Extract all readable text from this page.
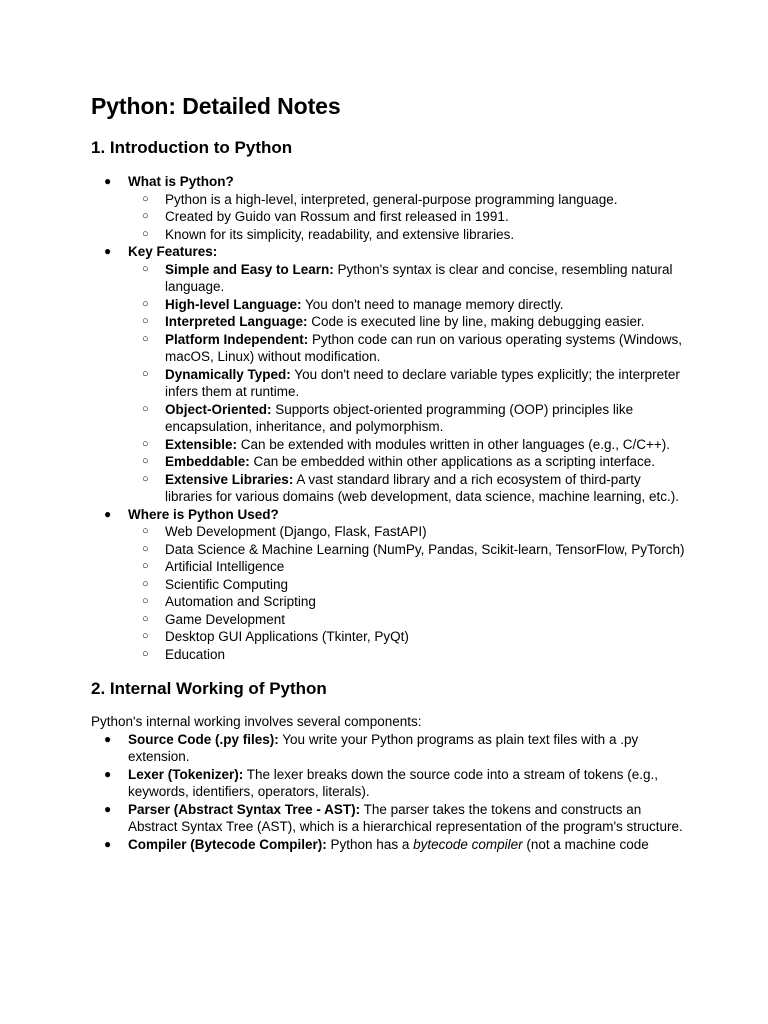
Python: Detailed Notes
1. Introduction to Python
●	What is Python?
○	Python is a high-level, interpreted, general-purpose programming language.
○	Created by Guido van Rossum and first released in 1991.
○	Known for its simplicity, readability, and extensive libraries.
●	Key Features:
○	Simple and Easy to Learn: Python's syntax is clear and concise, resembling natural language.
○	High-level Language: You don't need to manage memory directly.
○	Interpreted Language: Code is executed line by line, making debugging easier.
○	Platform Independent: Python code can run on various operating systems (Windows, macOS, Linux) without modification.
○	Dynamically Typed: You don't need to declare variable types explicitly; the interpreter infers them at runtime.
○	Object-Oriented: Supports object-oriented programming (OOP) principles like encapsulation, inheritance, and polymorphism.
○	Extensible: Can be extended with modules written in other languages (e.g., C/C++).
○	Embeddable: Can be embedded within other applications as a scripting interface.
○	Extensive Libraries: A vast standard library and a rich ecosystem of third-party libraries for various domains (web development, data science, machine learning, etc.).
●	Where is Python Used?
○	Web Development (Django, Flask, FastAPI)
○	Data Science & Machine Learning (NumPy, Pandas, Scikit-learn, TensorFlow, PyTorch)
○	Artificial Intelligence
○	Scientific Computing
○	Automation and Scripting
○	Game Development
○	Desktop GUI Applications (Tkinter, PyQt)
○	Education
2. Internal Working of Python

Python's internal working involves several components:

●	Source Code (.py files): You write your Python programs as plain text files with a .py extension.
●	Lexer (Tokenizer): The lexer breaks down the source code into a stream of tokens (e.g., keywords, identifiers, operators, literals).
●	Parser (Abstract Syntax Tree - AST): The parser takes the tokens and constructs an Abstract Syntax Tree (AST), which is a hierarchical representation of the program's structure.
●	Compiler (Bytecode Compiler): Python has a bytecode compiler (not a machine code
